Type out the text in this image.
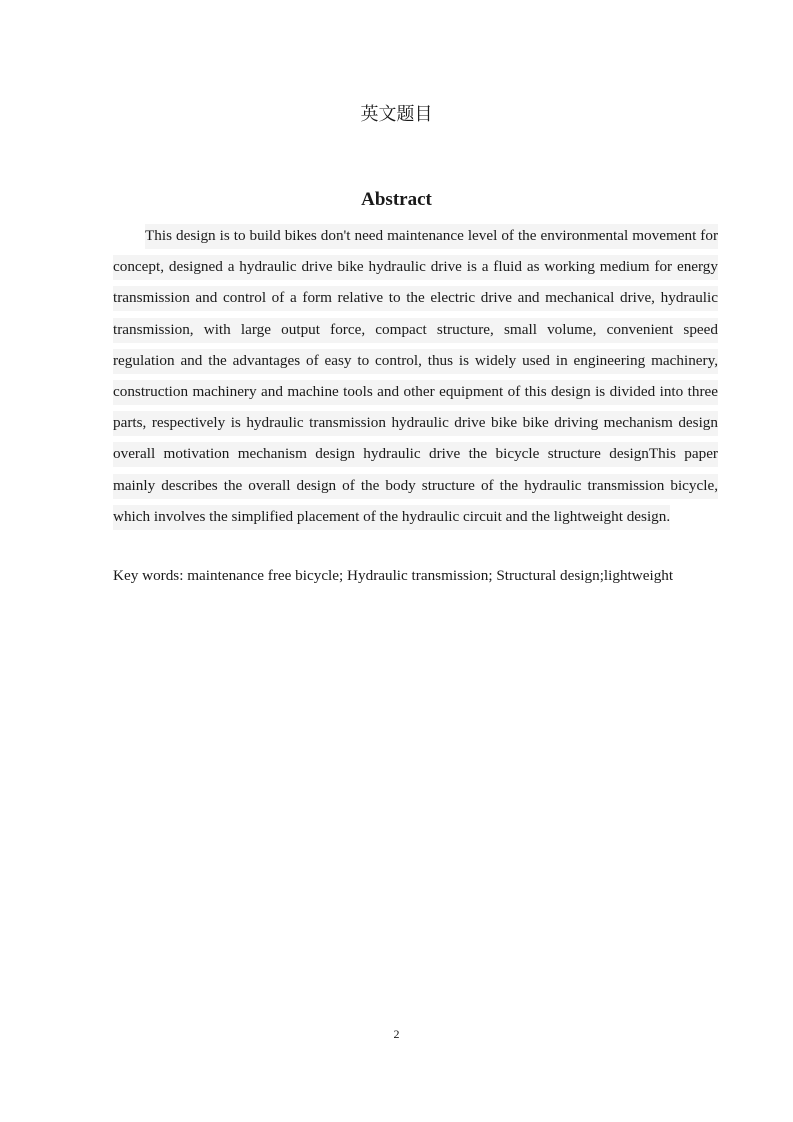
英文题目
Abstract

This design is to build bikes don't need maintenance level of the environmental movement for concept, designed a hydraulic drive bike hydraulic drive is a fluid as working medium for energy transmission and control of a form relative to the electric drive and mechanical drive, hydraulic transmission, with large output force, compact structure, small volume, convenient speed regulation and the advantages of easy to control, thus is widely used in engineering machinery, construction machinery and machine tools and other equipment of this design is divided into three parts, respectively is hydraulic transmission hydraulic drive bike bike driving mechanism design overall motivation mechanism design hydraulic drive the bicycle structure designThis paper mainly describes the overall design of the body structure of the hydraulic transmission bicycle, which involves the simplified placement of the hydraulic circuit and the lightweight design.

Key words: maintenance free bicycle; Hydraulic transmission; Structural design;lightweight

2
